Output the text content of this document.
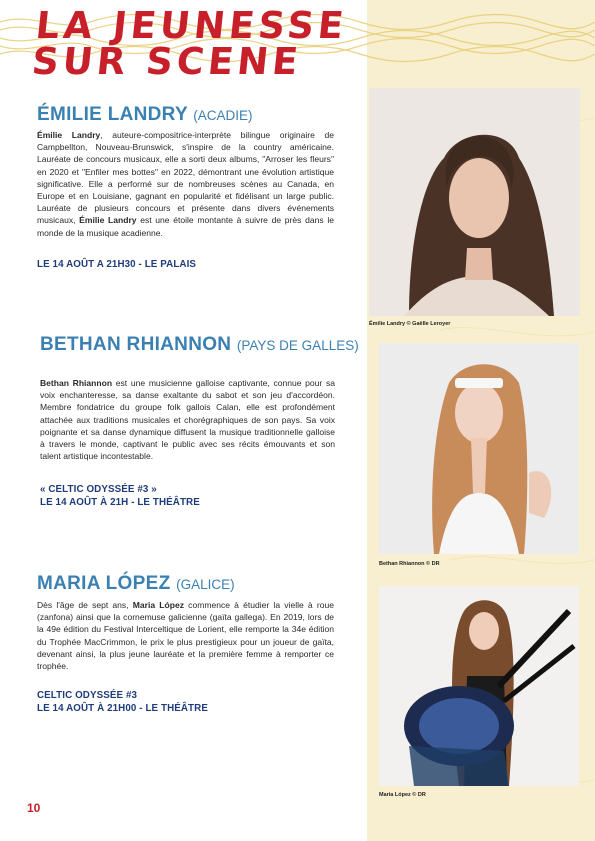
LA JEUNESSE
SUR SCENE
ÉMILIE LANDRY (ACADIE)

Émilie Landry, auteure-compositrice-interprète bilingue originaire de Campbellton, Nouveau-Brunswick, s'inspire de la country américaine. Lauréate de concours musicaux, elle a sorti deux albums, "Arroser les fleurs" en 2020 et "Enfiler mes bottes" en 2022, démontrant une évolution artistique significative. Elle a performé sur de nombreuses scènes au Canada, en Europe et en Louisiane, gagnant en popularité et fidélisant un large public. Lauréate de plusieurs concours et présente dans divers événements musicaux, Émilie Landry est une étoile montante à suivre de près dans le monde de la musique acadienne.

LE 14 AOÛT A 21H30 - LE PALAIS
Émilie Landry © Gaëlle Leroyer
BETHAN RHIANNON (PAYS DE GALLES)

Bethan Rhiannon est une musicienne galloise captivante, connue pour sa voix enchanteresse, sa danse exaltante du sabot et son jeu d'accordéon. Membre fondatrice du groupe folk gallois Calan, elle est profondément attachée aux traditions musicales et chorégraphiques de son pays. Sa voix poignante et sa danse dynamique diffusent la musique traditionnelle galloise à travers le monde, captivant le public avec ses récits émouvants et son talent artistique incontestable.

« CELTIC ODYSSÉE #3 »
LE 14 AOÛT À 21H - LE THÉÂTRE
Bethan Rhiannon © DR
MARIA LÓPEZ (GALICE)

Dès l'âge de sept ans, Maria López commence à étudier la vielle à roue (zanfona) ainsi que la cornemuse galicienne (gaïta gallega). En 2019, lors de la 49e édition du Festival Interceltique de Lorient, elle remporte la 34e édition du Trophée MacCrimmon, le prix le plus prestigieux pour un joueur de gaïta, devenant ainsi, la plus jeune lauréate et la première femme à remporter ce trophée.

CELTIC ODYSSÉE #3
LE 14 AOÛT À 21H00 - LE THÉÂTRE
Maria López © DR
10
